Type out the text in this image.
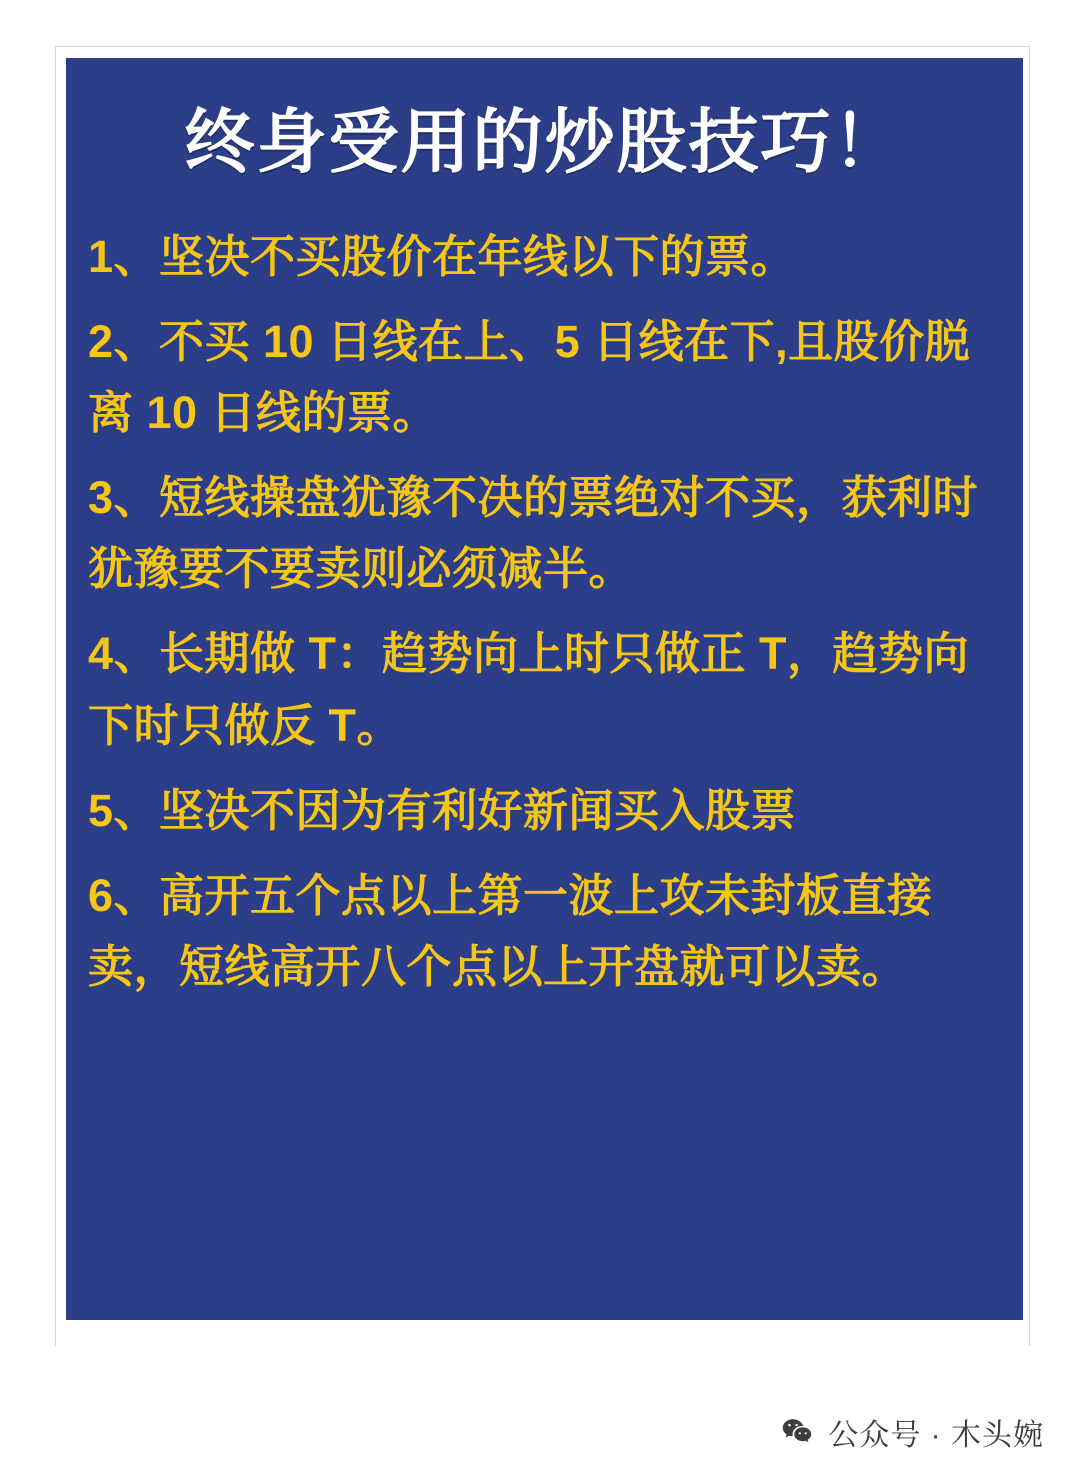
终身受用的炒股技巧！
1、坚决不买股价在年线以下的票。
2、不买 10 日线在上、5 日线在下,且股价脱离 10 日线的票。
3、短线操盘犹豫不决的票绝对不买，获利时犹豫要不要卖则必须减半。
4、长期做 T：趋势向上时只做正 T，趋势向下时只做反 T。
5、坚决不因为有利好新闻买入股票
6、高开五个点以上第一波上攻未封板直接卖，短线高开八个点以上开盘就可以卖。
公众号 · 木头婉
